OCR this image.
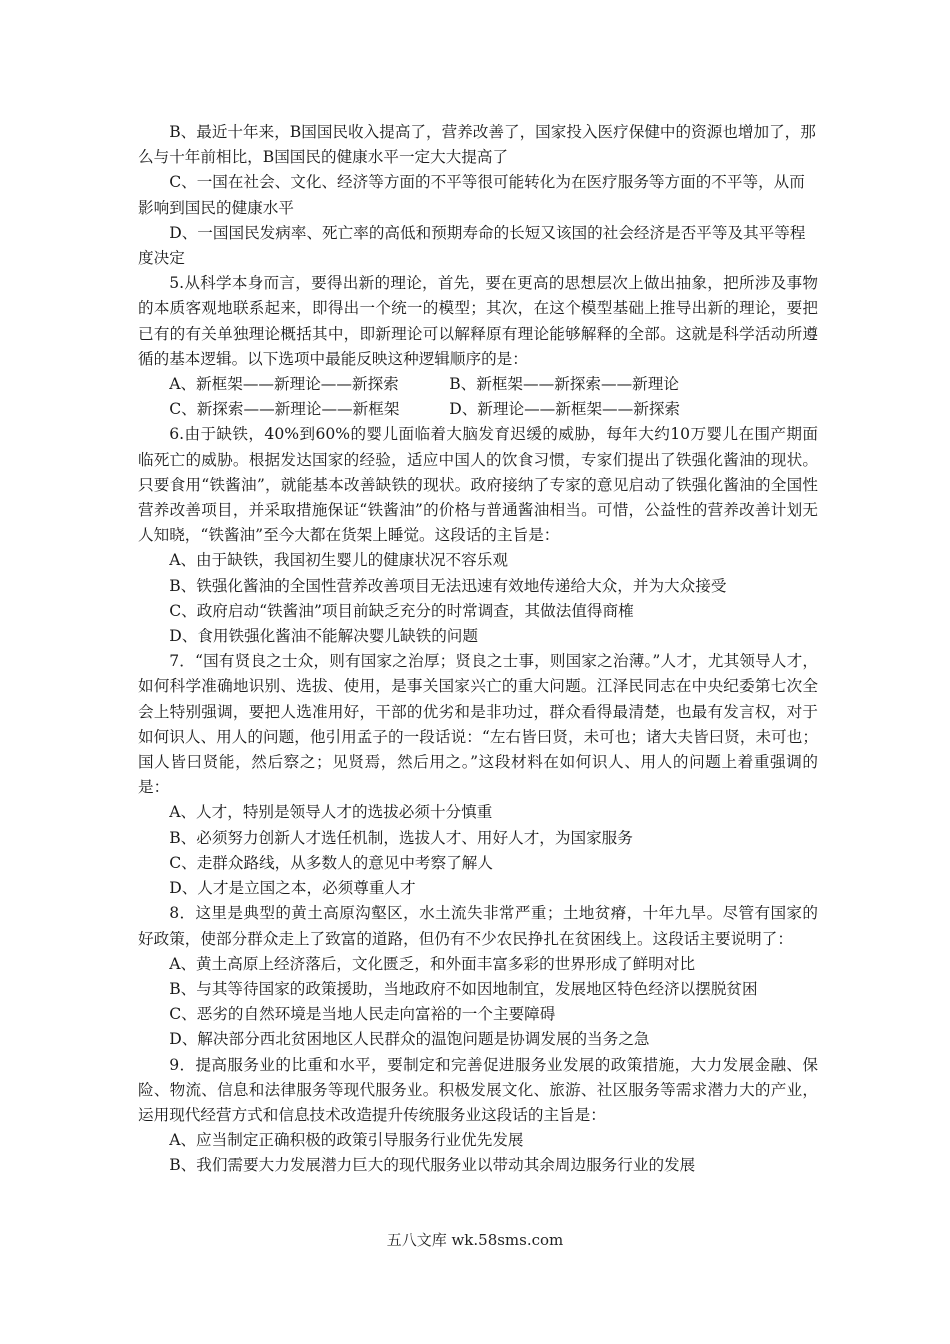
B、最近十年来，B国国民收入提高了，营养改善了，国家投入医疗保健中的资源也增加了，那么与十年前相比，B国国民的健康水平一定大大提高了

C、一国在社会、文化、经济等方面的不平等很可能转化为在医疗服务等方面的不平等，从而影响到国民的健康水平

D、一国国民发病率、死亡率的高低和预期寿命的长短又该国的社会经济是否平等及其平等程度决定

5.从科学本身而言，要得出新的理论，首先，要在更高的思想层次上做出抽象，把所涉及事物的本质客观地联系起来，即得出一个统一的模型；其次，在这个模型基础上推导出新的理论，要把已有的有关单独理论概括其中，即新理论可以解释原有理论能够解释的全部。这就是科学活动所遵循的基本逻辑。以下选项中最能反映这种逻辑顺序的是：

A、新框架——新理论——新探索	B、新框架——新探索——新理论
C、新探索——新理论——新框架	D、新理论——新框架——新探索

6.由于缺铁，40%到60%的婴儿面临着大脑发育迟缓的威胁，每年大约10万婴儿在围产期面临死亡的威胁。根据发达国家的经验，适应中国人的饮食习惯，专家们提出了铁强化酱油的现状。只要食用“铁酱油”，就能基本改善缺铁的现状。政府接纳了专家的意见启动了铁强化酱油的全国性营养改善项目，并采取措施保证“铁酱油”的价格与普通酱油相当。可惜，公益性的营养改善计划无人知晓，“铁酱油”至今大都在货架上睡觉。这段话的主旨是：

A、由于缺铁，我国初生婴儿的健康状况不容乐观

B、铁强化酱油的全国性营养改善项目无法迅速有效地传递给大众，并为大众接受

C、政府启动“铁酱油”项目前缺乏充分的时常调查，其做法值得商榷

D、食用铁强化酱油不能解决婴儿缺铁的问题

7．“国有贤良之士众，则有国家之治厚；贤良之士事，则国家之治薄。”人才，尤其领导人才，如何科学准确地识别、选拔、使用，是事关国家兴亡的重大问题。江泽民同志在中央纪委第七次全会上特别强调，要把人选准用好，干部的优劣和是非功过，群众看得最清楚，也最有发言权，对于如何识人、用人的问题，他引用孟子的一段话说：“左右皆曰贤，未可也；诸大夫皆曰贤，未可也；国人皆曰贤能，然后察之；见贤焉，然后用之。”这段材料在如何识人、用人的问题上着重强调的是：

A、人才，特别是领导人才的选拔必须十分慎重

B、必须努力创新人才选任机制，选拔人才、用好人才，为国家服务

C、走群众路线，从多数人的意见中考察了解人

D、人才是立国之本，必须尊重人才

8．这里是典型的黄土高原沟壑区，水土流失非常严重；土地贫瘠，十年九旱。尽管有国家的好政策，使部分群众走上了致富的道路，但仍有不少农民挣扎在贫困线上。这段话主要说明了：

A、黄土高原上经济落后，文化匮乏，和外面丰富多彩的世界形成了鲜明对比

B、与其等待国家的政策援助，当地政府不如因地制宜，发展地区特色经济以摆脱贫困

C、恶劣的自然环境是当地人民走向富裕的一个主要障碍

D、解决部分西北贫困地区人民群众的温饱问题是协调发展的当务之急

9．提高服务业的比重和水平，要制定和完善促进服务业发展的政策措施，大力发展金融、保险、物流、信息和法律服务等现代服务业。积极发展文化、旅游、社区服务等需求潜力大的产业，运用现代经营方式和信息技术改造提升传统服务业这段话的主旨是：

A、应当制定正确积极的政策引导服务行业优先发展

B、我们需要大力发展潜力巨大的现代服务业以带动其余周边服务行业的发展

五八文库 wk.58sms.com
